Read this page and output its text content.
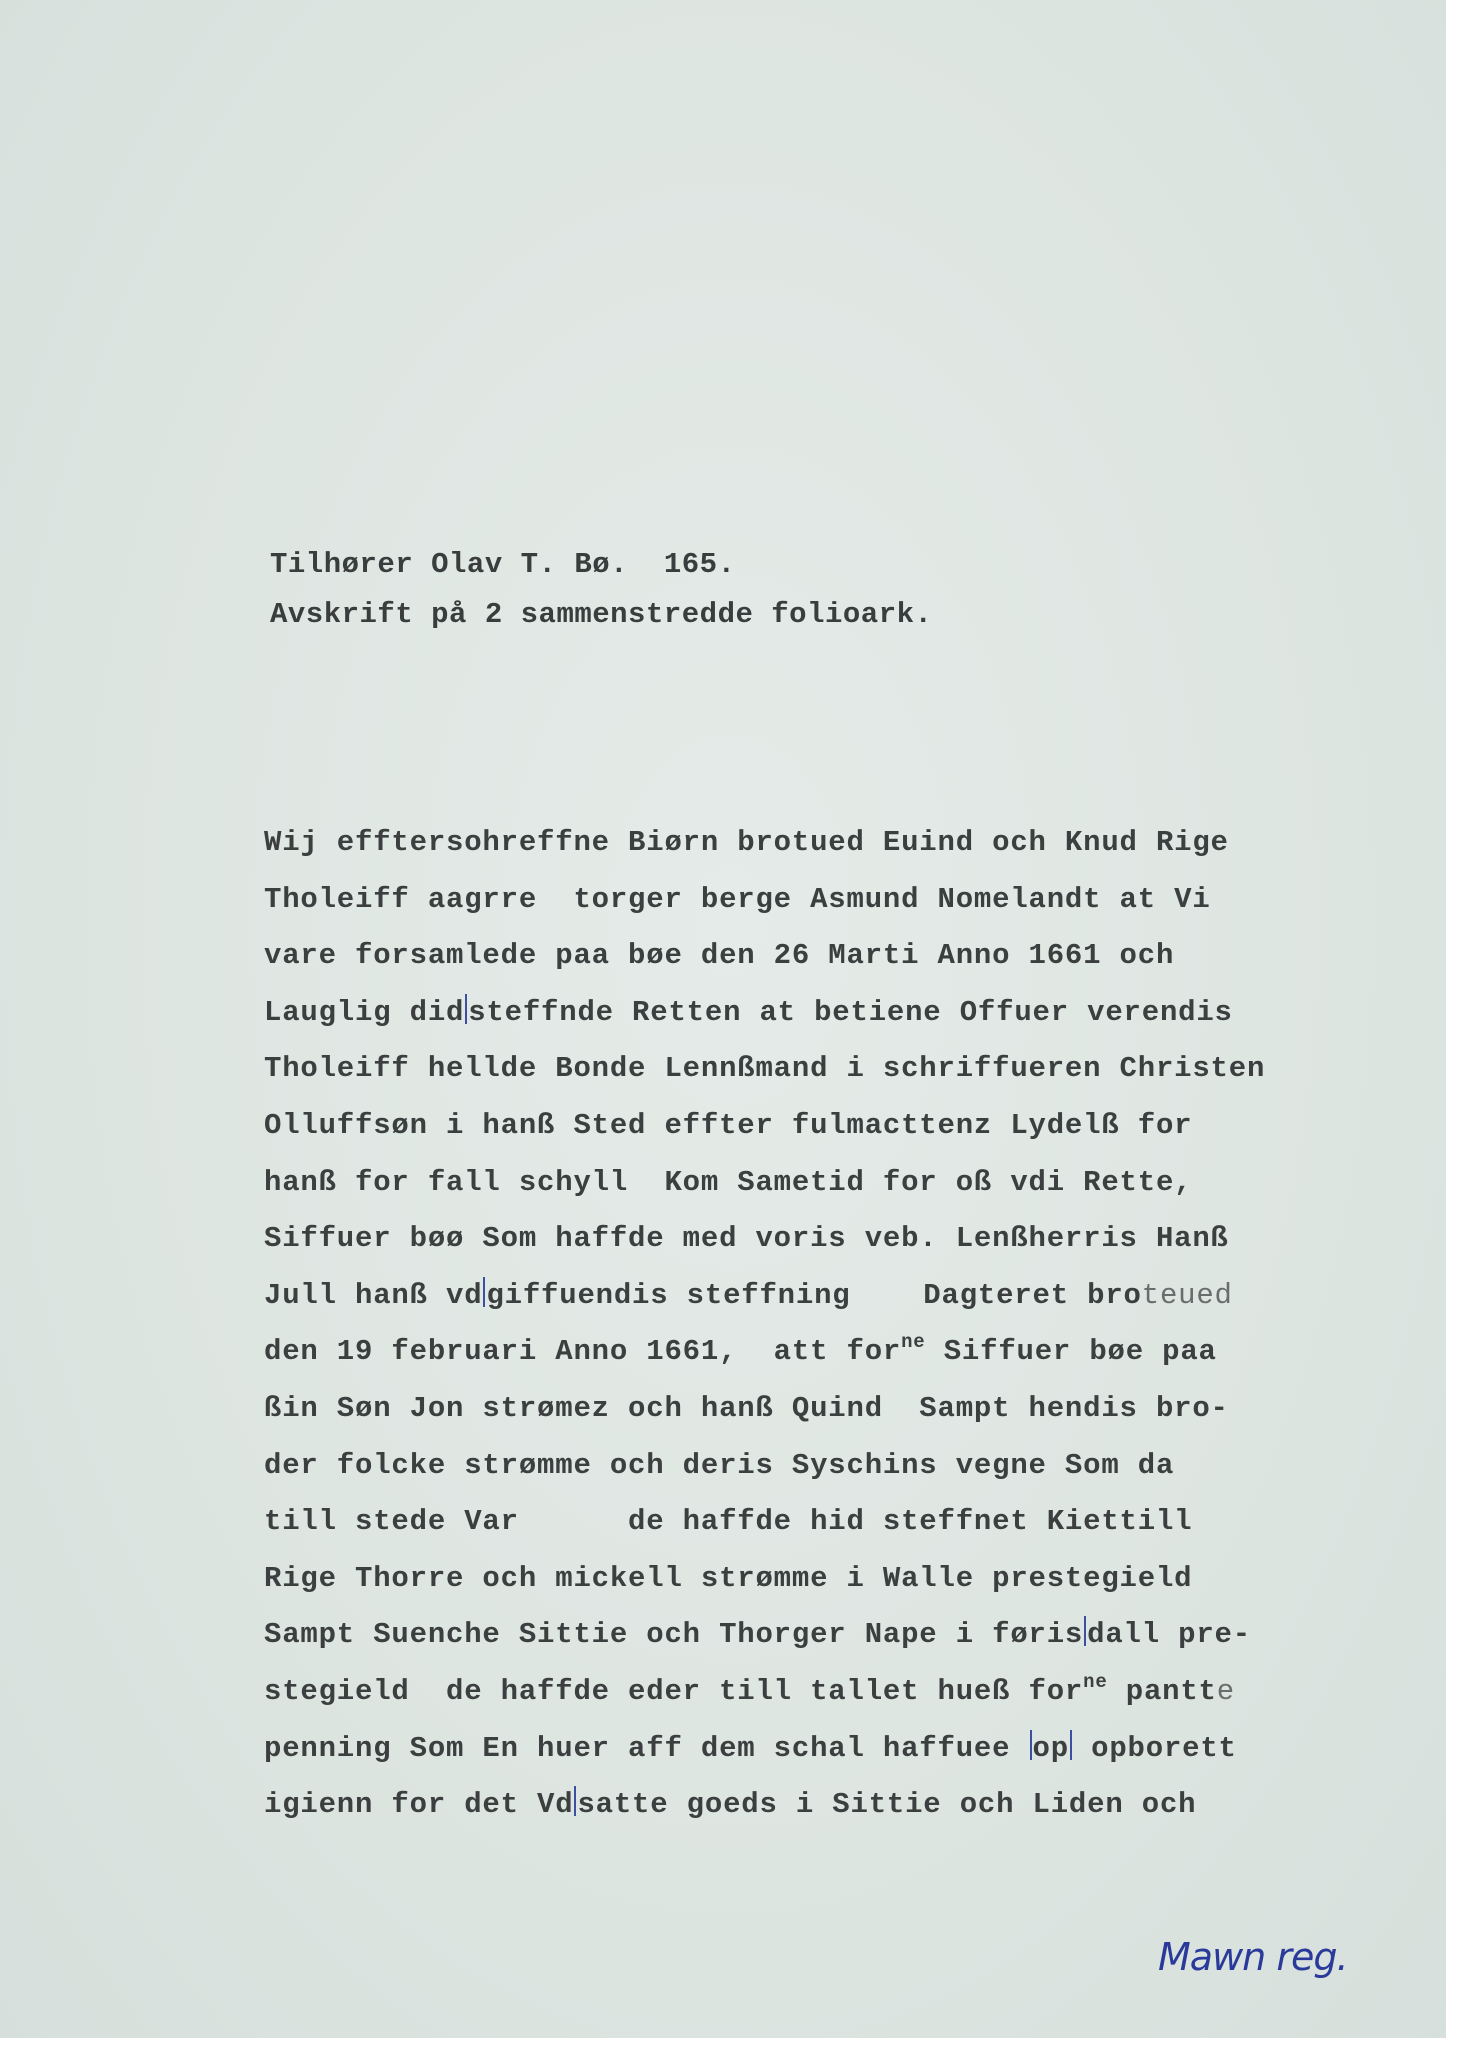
Tilhører Olav T. Bø.  165.
Avskrift på 2 sammenstredde folioark.
Wij efftersohreffne Biørn brotued Euind och Knud Rige
Tholeiff aagrre  torger berge Asmund Nomelandt at Vi
vare forsamlede paa bøe den 26 Marti Anno 1661 och
Lauglig did steffnde Retten at betiene Offuer verendis
Tholeiff hellde Bonde Lennßmand i schriffueren Christen
Olluffsøn i hanß Sted effter fulmacttenz Lydelß for
hanß for fall schyll  Kom Sametid for oß vdi Rette,
Siffuer bøø Som haffde med voris veb. Lenßherris Hanß
Jull hanß vd giffuendis steffning    Dagteret broteued
den 19 februari Anno 1661,  att for$^{ne}$ Siffuer bøe paa
ßin Søn Jon strømez och hanß Quind  Sampt hendis bro-
der folcke strømme och deris Syschins vegne Som da
till stede Var      de haffde hid steffnet Kiettill
Rige Thorre och mickell strømme i Walle prestegield
Sampt Suenche Sittie och Thorger Nape i føris dall pre-
stegield  de haffde eder till tallet hueß for$^{ne}$ pantte
penning Som En huer aff dem schal haffuee op opborett
igienn for det Vd satte goeds i Sittie och Liden och
Mawn reg.
